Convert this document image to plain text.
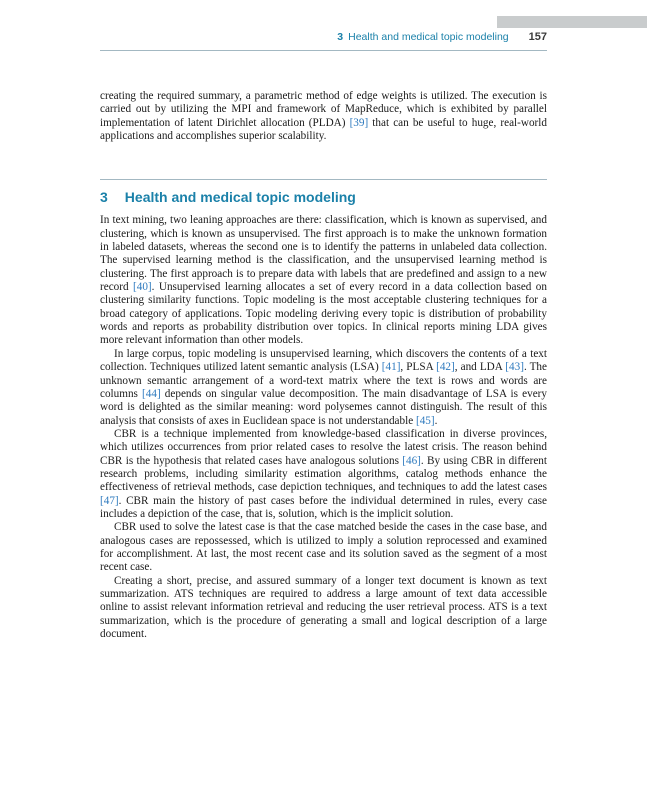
3 Health and medical topic modeling 157

creating the required summary, a parametric method of edge weights is utilized. The execution is carried out by utilizing the MPI and framework of MapReduce, which is exhibited by parallel implementation of latent Dirichlet allocation (PLDA) [39] that can be useful to huge, real-world applications and accomplishes superior scalability.

3 Health and medical topic modeling

In text mining, two leaning approaches are there: classification, which is known as supervised, and clustering, which is known as unsupervised. The first approach is to make the unknown formation in labeled datasets, whereas the second one is to identify the patterns in unlabeled data collection. The supervised learning method is the classification, and the unsupervised learning method is clustering. The first approach is to prepare data with labels that are predefined and assign to a new record [40]. Unsupervised learning allocates a set of every record in a data collection based on clustering similarity functions. Topic modeling is the most acceptable clustering techniques for a broad category of applications. Topic modeling deriving every topic is distribution of probability words and reports as probability distribution over topics. In clinical reports mining LDA gives more relevant information than other models.

In large corpus, topic modeling is unsupervised learning, which discovers the contents of a text collection. Techniques utilized latent semantic analysis (LSA) [41], PLSA [42], and LDA [43]. The unknown semantic arrangement of a word-text matrix where the text is rows and words are columns [44] depends on singular value decomposition. The main disadvantage of LSA is every word is delighted as the similar meaning: word polysemes cannot distinguish. The result of this analysis that consists of axes in Euclidean space is not understandable [45].

CBR is a technique implemented from knowledge-based classification in diverse provinces, which utilizes occurrences from prior related cases to resolve the latest crisis. The reason behind CBR is the hypothesis that related cases have analogous solutions [46]. By using CBR in different research problems, including similarity estimation algorithms, catalog methods enhance the effectiveness of retrieval methods, case depiction techniques, and techniques to add the latest cases [47]. CBR main the history of past cases before the individual determined in rules, every case includes a depiction of the case, that is, solution, which is the implicit solution.

CBR used to solve the latest case is that the case matched beside the cases in the case base, and analogous cases are repossessed, which is utilized to imply a solution reprocessed and examined for accomplishment. At last, the most recent case and its solution saved as the segment of a most recent case.

Creating a short, precise, and assured summary of a longer text document is known as text summarization. ATS techniques are required to address a large amount of text data accessible online to assist relevant information retrieval and reducing the user retrieval process. ATS is a text summarization, which is the procedure of generating a small and logical description of a large document.
